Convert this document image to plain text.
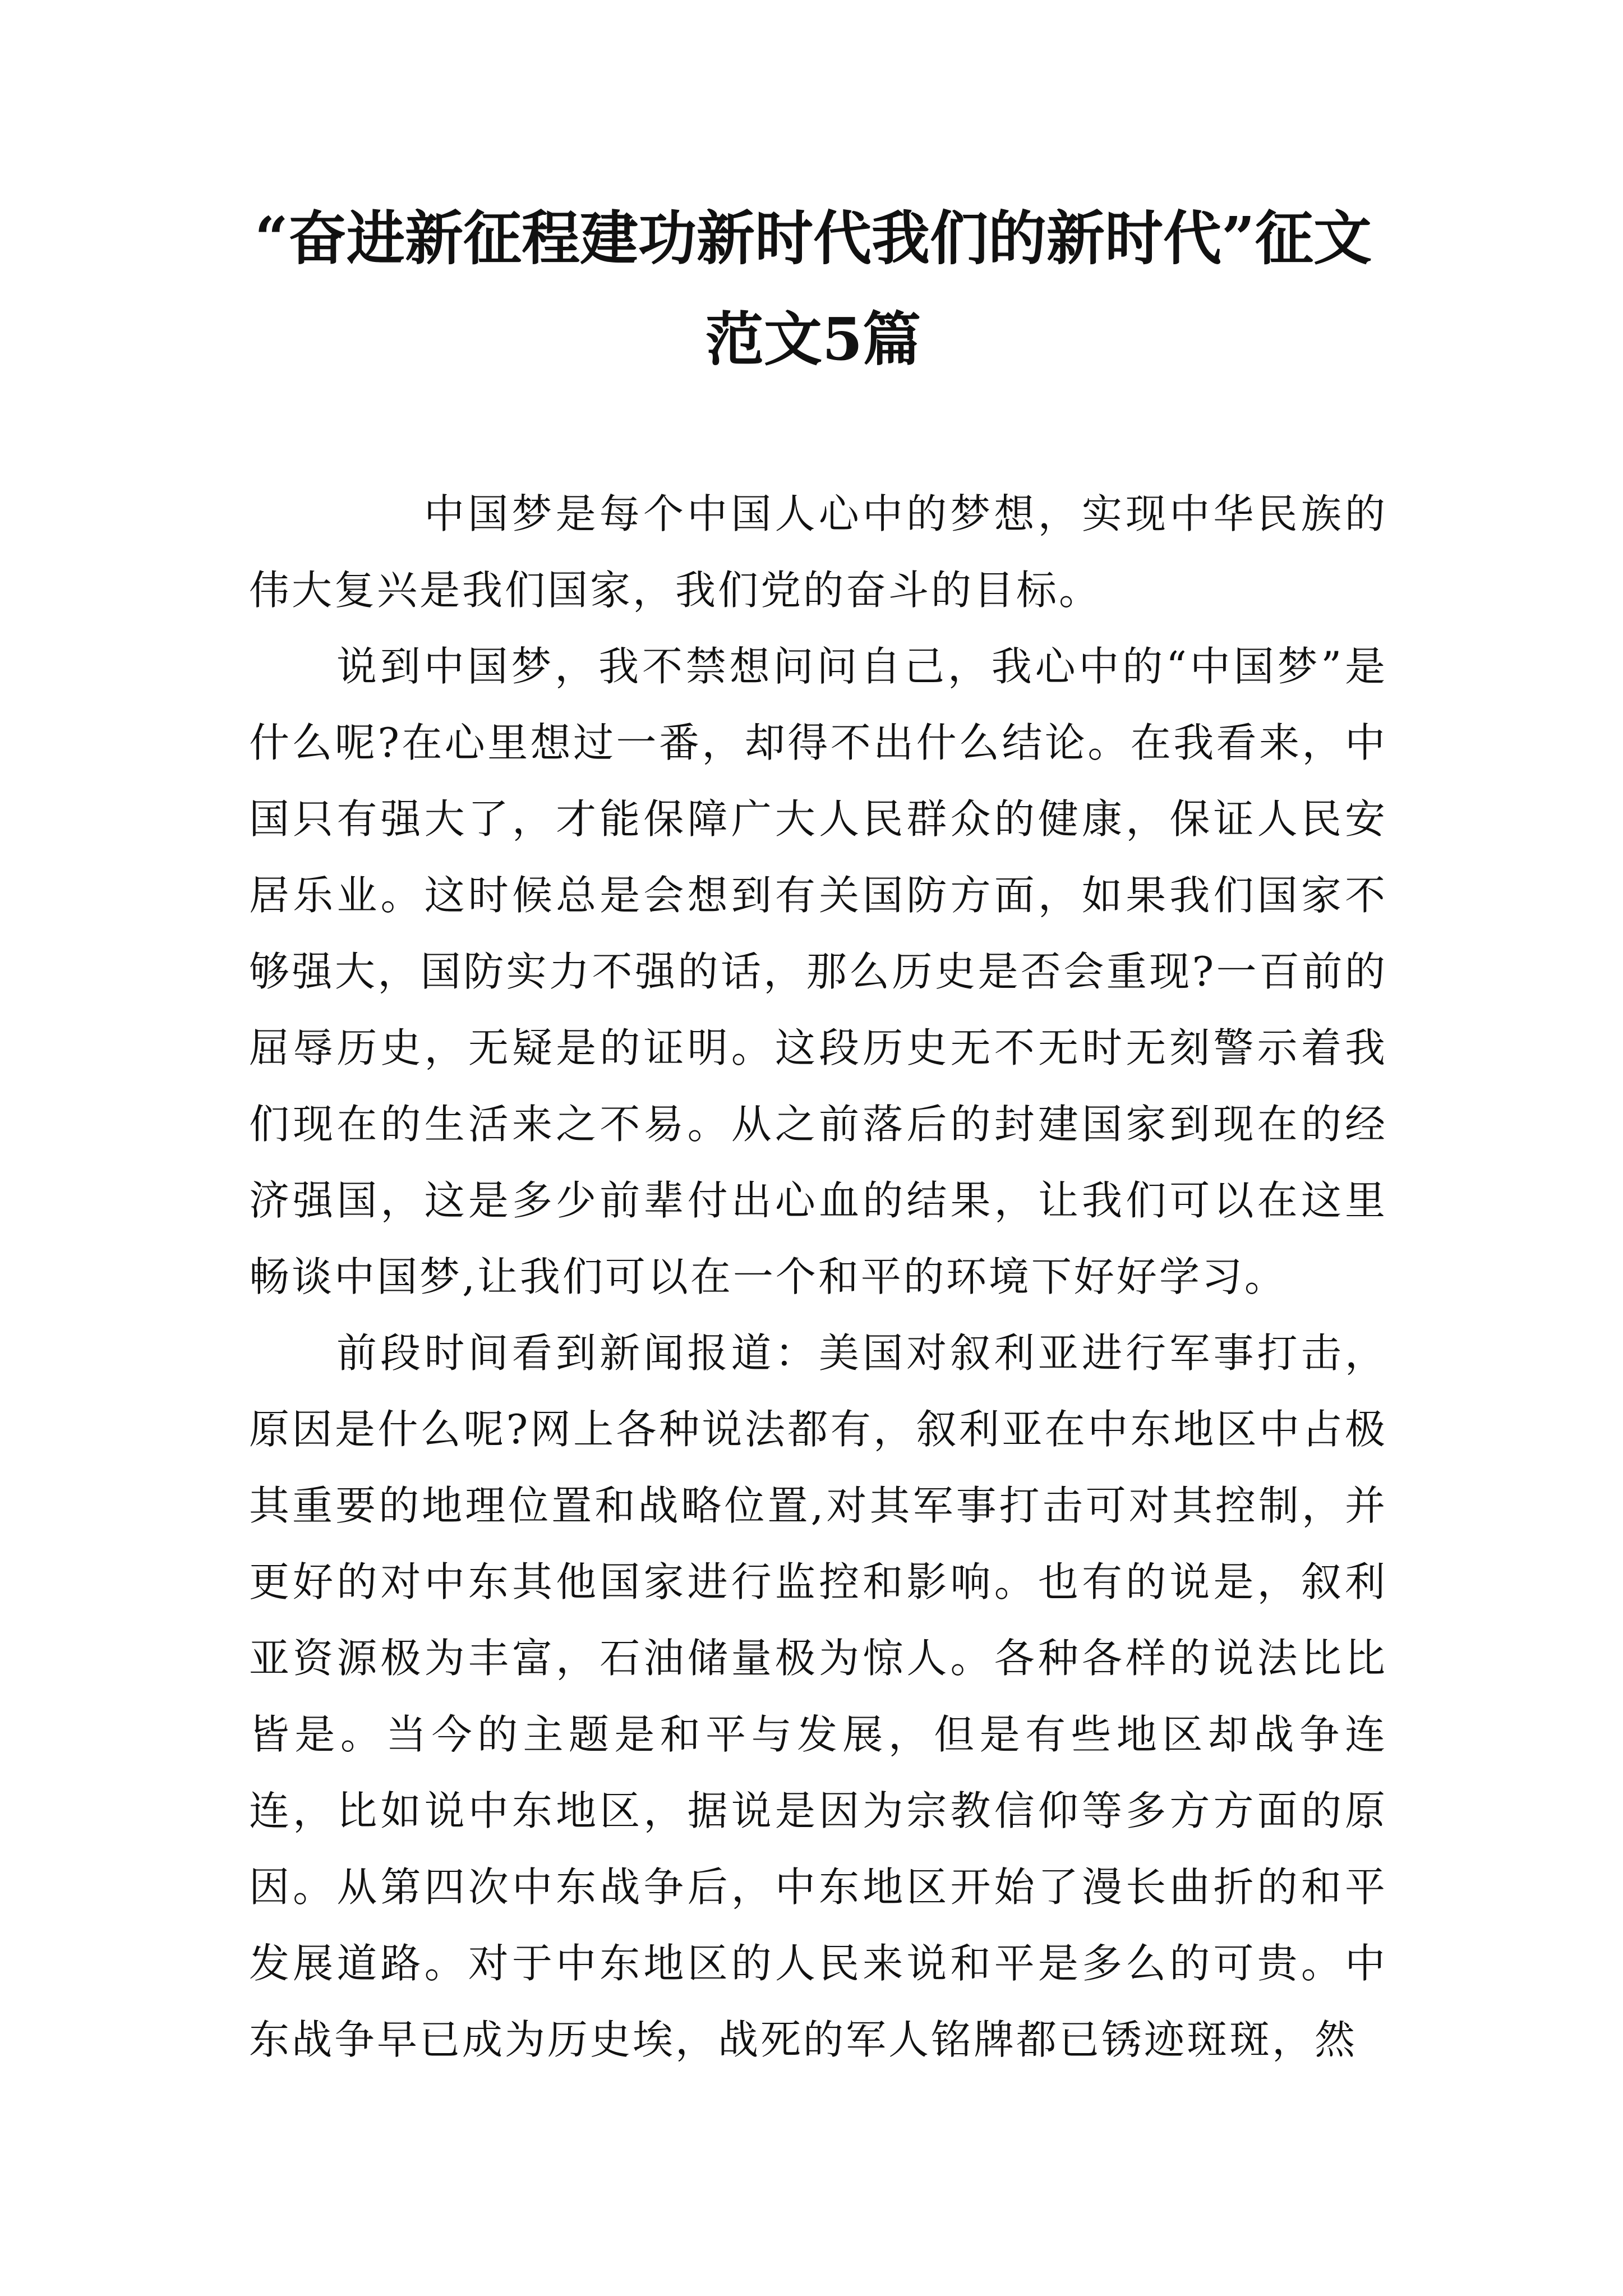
“奋进新征程建功新时代我们的新时代”征文范文5篇

中国梦是每个中国人心中的梦想，实现中华民族的伟大复兴是我们国家，我们党的奋斗的目标。

说到中国梦，我不禁想问问自己，我心中的“中国梦”是什么呢?在心里想过一番，却得不出什么结论。在我看来，中国只有强大了，才能保障广大人民群众的健康，保证人民安居乐业。这时候总是会想到有关国防方面，如果我们国家不够强大，国防实力不强的话，那么历史是否会重现?一百前的屈辱历史，无疑是的证明。这段历史无不无时无刻警示着我们现在的生活来之不易。从之前落后的封建国家到现在的经济强国，这是多少前辈付出心血的结果，让我们可以在这里畅谈中国梦,让我们可以在一个和平的环境下好好学习。

前段时间看到新闻报道：美国对叙利亚进行军事打击，原因是什么呢?网上各种说法都有，叙利亚在中东地区中占极其重要的地理位置和战略位置,对其军事打击可对其控制，并更好的对中东其他国家进行监控和影响。也有的说是，叙利亚资源极为丰富，石油储量极为惊人。各种各样的说法比比皆是。当今的主题是和平与发展，但是有些地区却战争连连，比如说中东地区，据说是因为宗教信仰等多方方面的原因。从第四次中东战争后，中东地区开始了漫长曲折的和平发展道路。对于中东地区的人民来说和平是多么的可贵。中东战争早已成为历史埃，战死的军人铭牌都已锈迹斑斑，然
